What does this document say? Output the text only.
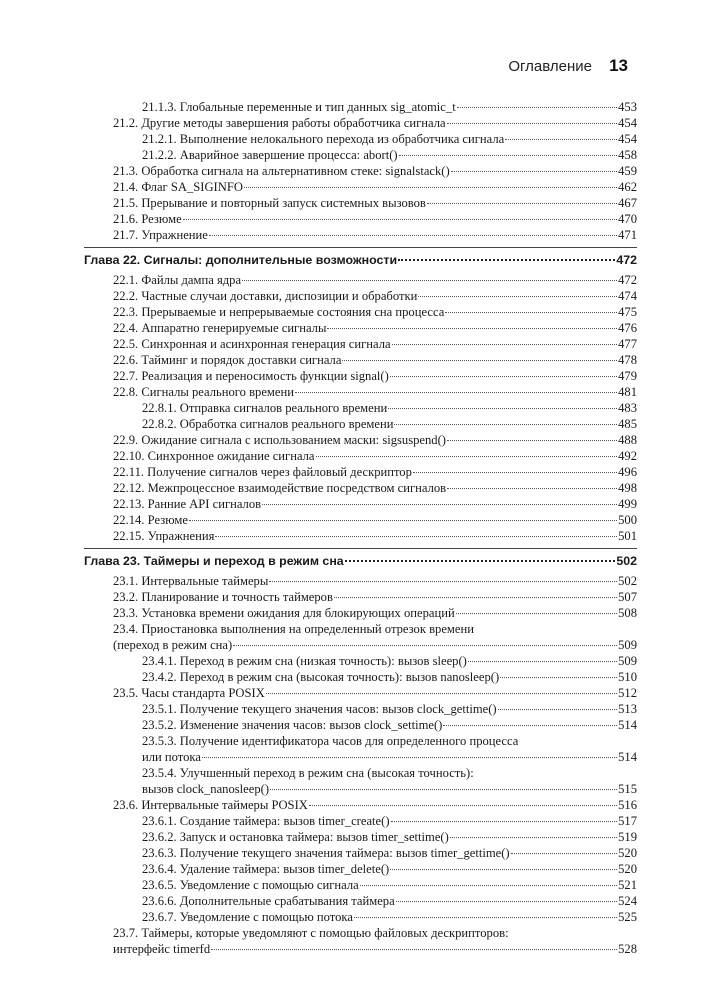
Оглавление 13
21.1.3. Глобальные переменные и тип данных sig_atomic_t	453
21.2. Другие методы завершения работы обработчика сигнала	454
21.2.1. Выполнение нелокального перехода из обработчика сигнала	454
21.2.2. Аварийное завершение процесса: abort()	458
21.3. Обработка сигнала на альтернативном стеке: signalstack()	459
21.4. Флаг SA_SIGINFO	462
21.5. Прерывание и повторный запуск системных вызовов	467
21.6. Резюме	470
21.7. Упражнение	471
Глава 22. Сигналы: дополнительные возможности	472
22.1. Файлы дампа ядра	472
22.2. Частные случаи доставки, диспозиции и обработки	474
22.3. Прерываемые и непрерываемые состояния сна процесса	475
22.4. Аппаратно генерируемые сигналы	476
22.5. Синхронная и асинхронная генерация сигнала	477
22.6. Тайминг и порядок доставки сигнала	478
22.7. Реализация и переносимость функции signal()	479
22.8. Сигналы реального времени	481
22.8.1. Отправка сигналов реального времени	483
22.8.2. Обработка сигналов реального времени	485
22.9. Ожидание сигнала с использованием маски: sigsuspend()	488
22.10. Синхронное ожидание сигнала	492
22.11. Получение сигналов через файловый дескриптор	496
22.12. Межпроцессное взаимодействие посредством сигналов	498
22.13. Ранние API сигналов	499
22.14. Резюме	500
22.15. Упражнения	501
Глава 23. Таймеры и переход в режим сна	502
23.1. Интервальные таймеры	502
23.2. Планирование и точность таймеров	507
23.3. Установка времени ожидания для блокирующих операций	508
23.4. Приостановка выполнения на определенный отрезок времени
(переход в режим сна)	509
23.4.1. Переход в режим сна (низкая точность): вызов sleep()	509
23.4.2. Переход в режим сна (высокая точность): вызов nanosleep()	510
23.5. Часы стандарта POSIX	512
23.5.1. Получение текущего значения часов: вызов clock_gettime()	513
23.5.2. Изменение значения часов: вызов clock_settime()	514
23.5.3. Получение идентификатора часов для определенного процесса
или потока	514
23.5.4. Улучшенный переход в режим сна (высокая точность):
вызов clock_nanosleep()	515
23.6. Интервальные таймеры POSIX	516
23.6.1. Создание таймера: вызов timer_create()	517
23.6.2. Запуск и остановка таймера: вызов timer_settime()	519
23.6.3. Получение текущего значения таймера: вызов timer_gettime()	520
23.6.4. Удаление таймера: вызов timer_delete()	520
23.6.5. Уведомление с помощью сигнала	521
23.6.6. Дополнительные срабатывания таймера	524
23.6.7. Уведомление с помощью потока	525
23.7. Таймеры, которые уведомляют с помощью файловых дескрипторов:
интерфейс timerfd	528
